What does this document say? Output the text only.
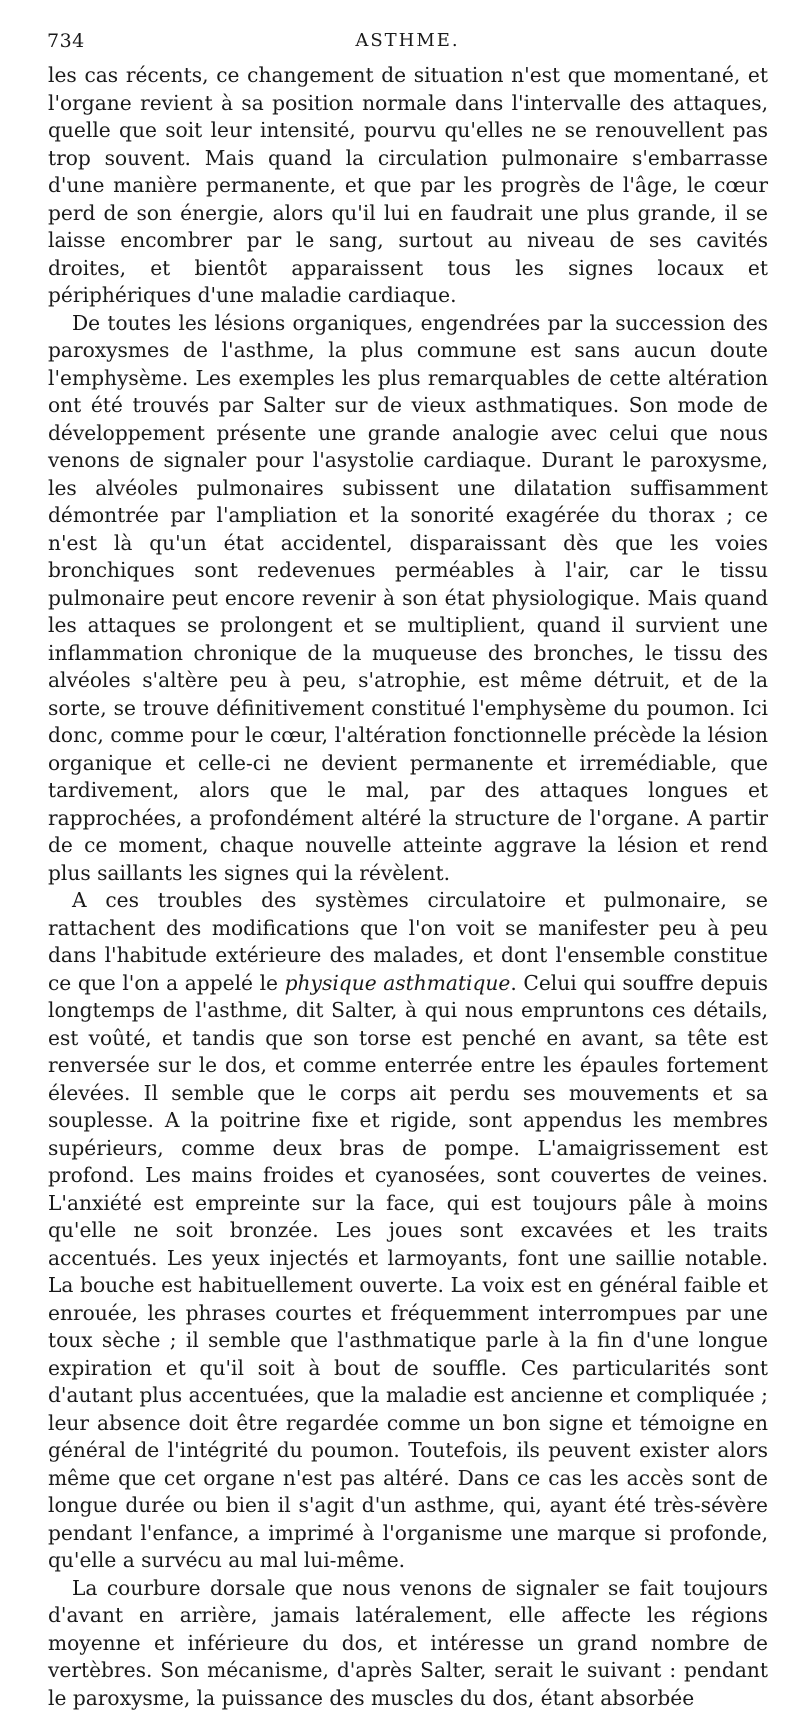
734	ASTHME.

les cas récents, ce changement de situation n'est que momentané, et l'organe revient à sa position normale dans l'intervalle des attaques, quelle que soit leur intensité, pourvu qu'elles ne se renouvellent pas trop souvent. Mais quand la circulation pulmonaire s'embarrasse d'une manière permanente, et que par les progrès de l'âge, le cœur perd de son énergie, alors qu'il lui en faudrait une plus grande, il se laisse encombrer par le sang, surtout au niveau de ses cavités droites, et bientôt apparaissent tous les signes locaux et périphériques d'une maladie cardiaque.

De toutes les lésions organiques, engendrées par la succession des paroxysmes de l'asthme, la plus commune est sans aucun doute l'emphysème. Les exemples les plus remarquables de cette altération ont été trouvés par Salter sur de vieux asthmatiques. Son mode de développement présente une grande analogie avec celui que nous venons de signaler pour l'asystolie cardiaque. Durant le paroxysme, les alvéoles pulmonaires subissent une dilatation suffisamment démontrée par l'ampliation et la sonorité exagérée du thorax ; ce n'est là qu'un état accidentel, disparaissant dès que les voies bronchiques sont redevenues perméables à l'air, car le tissu pulmonaire peut encore revenir à son état physiologique. Mais quand les attaques se prolongent et se multiplient, quand il survient une inflammation chronique de la muqueuse des bronches, le tissu des alvéoles s'altère peu à peu, s'atrophie, est même détruit, et de la sorte, se trouve définitivement constitué l'emphysème du poumon. Ici donc, comme pour le cœur, l'altération fonctionnelle précède la lésion organique et celle-ci ne devient permanente et irremédiable, que tardivement, alors que le mal, par des attaques longues et rapprochées, a profondément altéré la structure de l'organe. A partir de ce moment, chaque nouvelle atteinte aggrave la lésion et rend plus saillants les signes qui la révèlent.

A ces troubles des systèmes circulatoire et pulmonaire, se rattachent des modifications que l'on voit se manifester peu à peu dans l'habitude extérieure des malades, et dont l'ensemble constitue ce que l'on a appelé le physique asthmatique. Celui qui souffre depuis longtemps de l'asthme, dit Salter, à qui nous empruntons ces détails, est voûté, et tandis que son torse est penché en avant, sa tête est renversée sur le dos, et comme enterrée entre les épaules fortement élevées. Il semble que le corps ait perdu ses mouvements et sa souplesse. A la poitrine fixe et rigide, sont appendus les membres supérieurs, comme deux bras de pompe. L'amaigrissement est profond. Les mains froides et cyanosées, sont couvertes de veines. L'anxiété est empreinte sur la face, qui est toujours pâle à moins qu'elle ne soit bronzée. Les joues sont excavées et les traits accentués. Les yeux injectés et larmoyants, font une saillie notable. La bouche est habituellement ouverte. La voix est en général faible et enrouée, les phrases courtes et fréquemment interrompues par une toux sèche ; il semble que l'asthmatique parle à la fin d'une longue expiration et qu'il soit à bout de souffle. Ces particularités sont d'autant plus accentuées, que la maladie est ancienne et compliquée ; leur absence doit être regardée comme un bon signe et témoigne en général de l'intégrité du poumon. Toutefois, ils peuvent exister alors même que cet organe n'est pas altéré. Dans ce cas les accès sont de longue durée ou bien il s'agit d'un asthme, qui, ayant été très-sévère pendant l'enfance, a imprimé à l'organisme une marque si profonde, qu'elle a survécu au mal lui-même.

La courbure dorsale que nous venons de signaler se fait toujours d'avant en arrière, jamais latéralement, elle affecte les régions moyenne et inférieure du dos, et intéresse un grand nombre de vertèbres. Son mécanisme, d'après Salter, serait le suivant : pendant le paroxysme, la puissance des muscles du dos, étant absorbée
